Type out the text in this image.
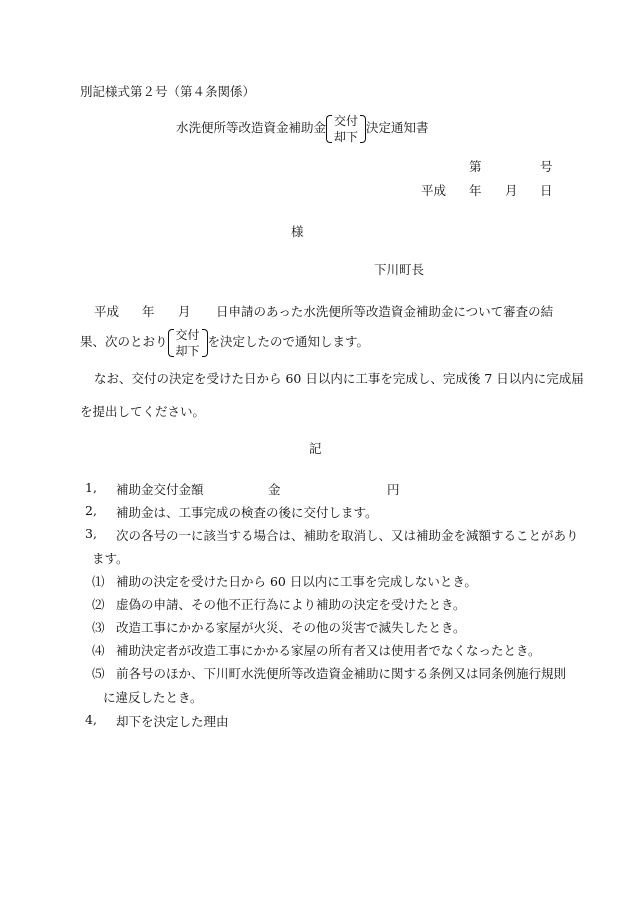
別記様式第２号（第４条関係）
水洗便所等改造資金補助金 交付
却下
決定通知書
第	号
平成 年 月 日
様
下川町長
平成 年 月 日申請のあった水洗便所等改造資金補助金について審査の結
果、次のとおり 交付
却下
を決定したので通知します。
なお、交付の決定を受けた日から 60 日以内に工事を完成し、完成後 7 日以内に完成届
を提出してください。
記
1, 補助金交付金額	金	円
2, 補助金は、工事完成の検査の後に交付します。
3, 次の各号の一に該当する場合は、補助を取消し、又は補助金を減額することがあり
ます。
⑴ 補助の決定を受けた日から 60 日以内に工事を完成しないとき。
⑵ 虚偽の申請、その他不正行為により補助の決定を受けたとき。
⑶ 改造工事にかかる家屋が火災、その他の災害で滅失したとき。
⑷ 補助決定者が改造工事にかかる家屋の所有者又は使用者でなくなったとき。
⑸ 前各号のほか、下川町水洗便所等改造資金補助に関する条例又は同条例施行規則
に違反したとき。
4, 却下を決定した理由
